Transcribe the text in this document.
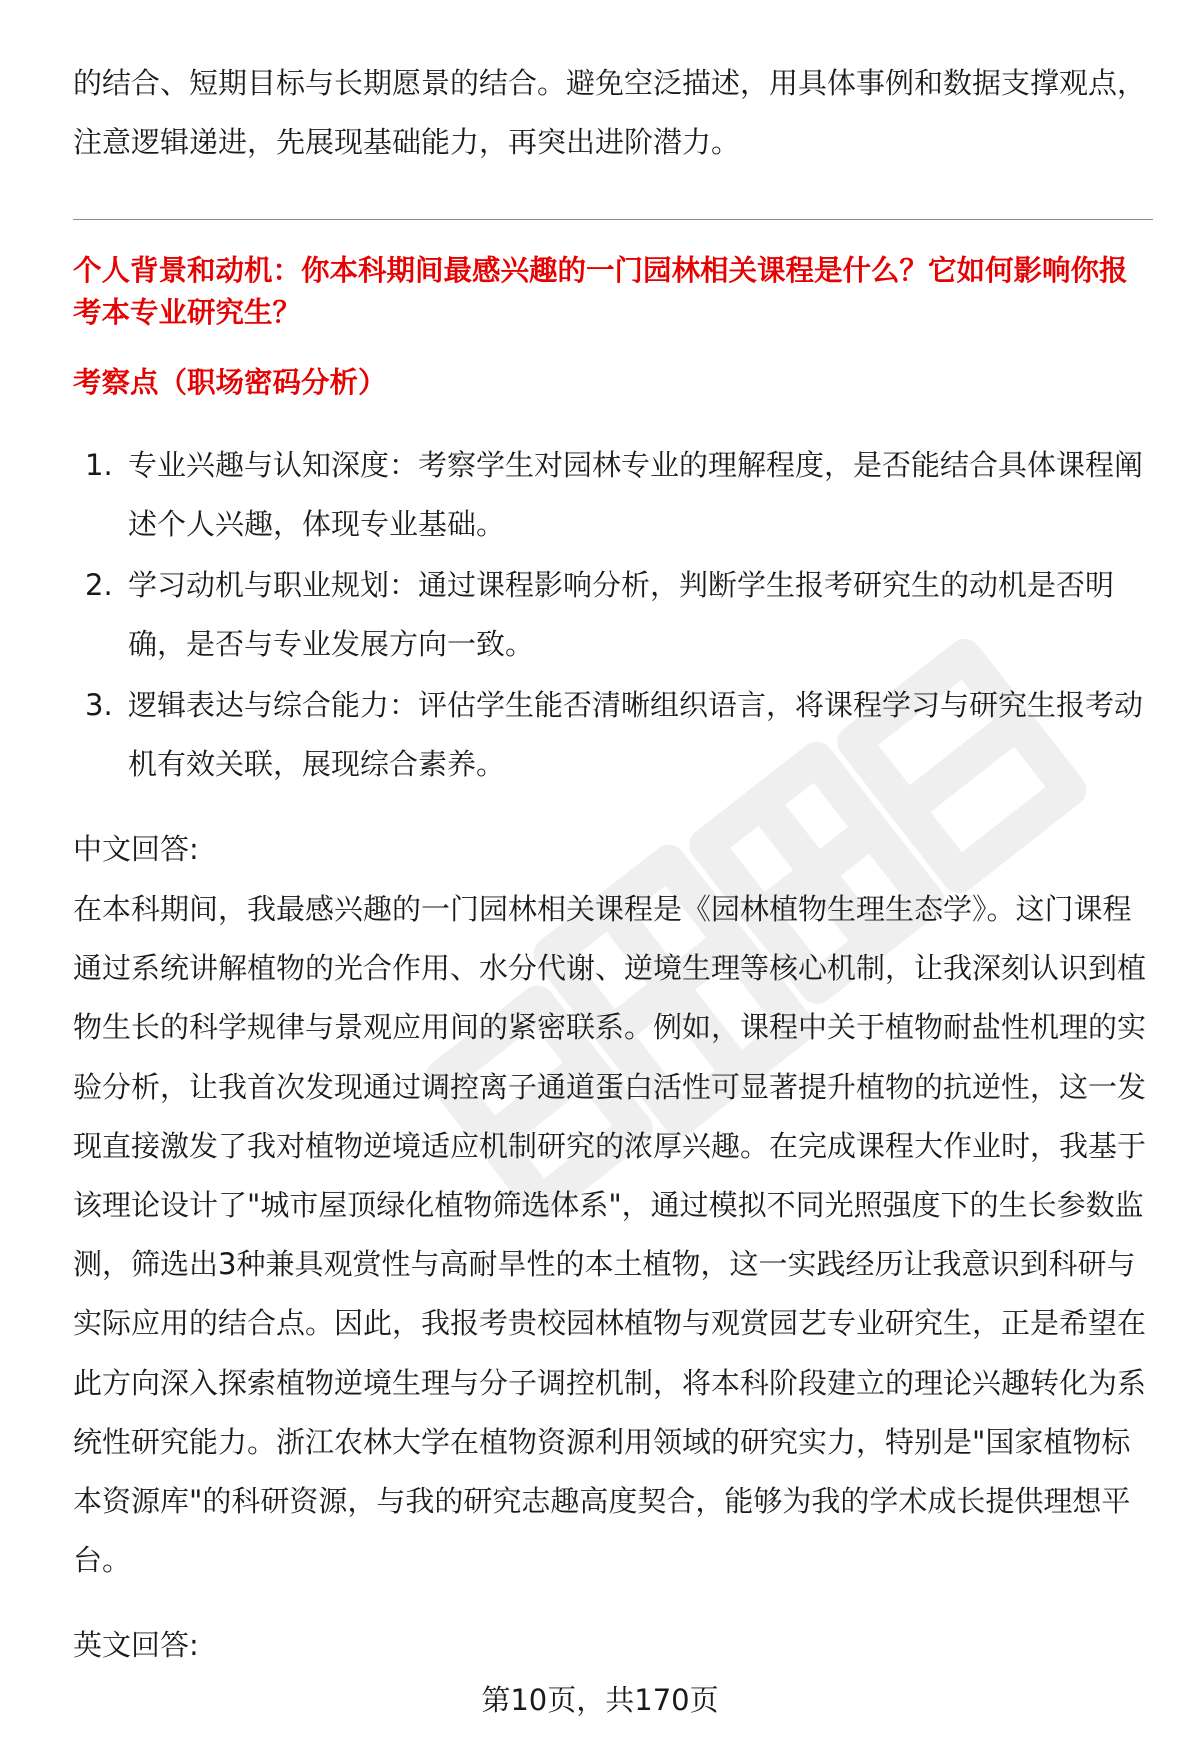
的结合、短期目标与长期愿景的结合。避免空泛描述，用具体事例和数据支撑观点，注意逻辑递进，先展现基础能力，再突出进阶潜力。

个人背景和动机：你本科期间最感兴趣的一门园林相关课程是什么？它如何影响你报考本专业研究生？

考察点（职场密码分析）

1. 专业兴趣与认知深度：考察学生对园林专业的理解程度，是否能结合具体课程阐述个人兴趣，体现专业基础。
2. 学习动机与职业规划：通过课程影响分析，判断学生报考研究生的动机是否明确，是否与专业发展方向一致。
3. 逻辑表达与综合能力：评估学生能否清晰组织语言，将课程学习与研究生报考动机有效关联，展现综合素养。
中文回答:

在本科期间，我最感兴趣的一门园林相关课程是《园林植物生理生态学》。这门课程通过系统讲解植物的光合作用、水分代谢、逆境生理等核心机制，让我深刻认识到植物生长的科学规律与景观应用间的紧密联系。例如，课程中关于植物耐盐性机理的实验分析，让我首次发现通过调控离子通道蛋白活性可显著提升植物的抗逆性，这一发现直接激发了我对植物逆境适应机制研究的浓厚兴趣。在完成课程大作业时，我基于该理论设计了"城市屋顶绿化植物筛选体系"，通过模拟不同光照强度下的生长参数监测，筛选出3种兼具观赏性与高耐旱性的本土植物，这一实践经历让我意识到科研与实际应用的结合点。因此，我报考贵校园林植物与观赏园艺专业研究生，正是希望在此方向深入探索植物逆境生理与分子调控机制，将本科阶段建立的理论兴趣转化为系统性研究能力。浙江农林大学在植物资源利用领域的研究实力，特别是"国家植物标本资源库"的科研资源，与我的研究志趣高度契合，能够为我的学术成长提供理想平台。

英文回答:
第10页，共170页
